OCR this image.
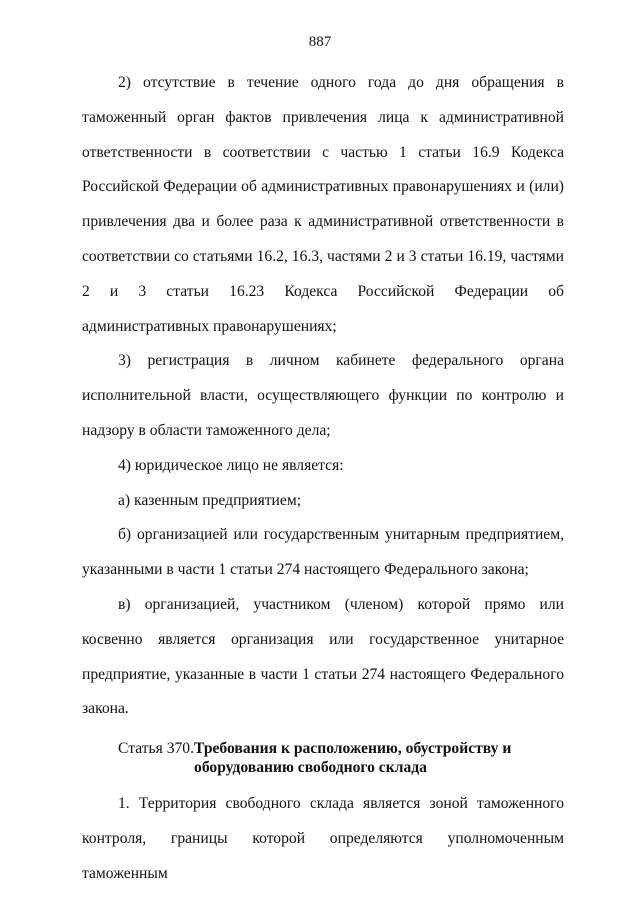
887

2) отсутствие в течение одного года до дня обращения в таможенный орган фактов привлечения лица к административной ответственности в соответствии с частью 1 статьи 16.9 Кодекса Российской Федерации об административных правонарушениях и (или) привлечения два и более раза к административной ответственности в соответствии со статьями 16.2, 16.3, частями 2 и 3 статьи 16.19, частями 2 и 3 статьи 16.23 Кодекса Российской Федерации об административных правонарушениях;

3) регистрация в личном кабинете федерального органа исполнительной власти, осуществляющего функции по контролю и надзору в области таможенного дела;

4) юридическое лицо не является:

а) казенным предприятием;

б) организацией или государственным унитарным предприятием, указанными в части 1 статьи 274 настоящего Федерального закона;

в) организацией, участником (членом) которой прямо или косвенно является организация или государственное унитарное предприятие, указанные в части 1 статьи 274 настоящего Федерального закона.

Статья 370. Требования к расположению, обустройству и оборудованию свободного склада

1. Территория свободного склада является зоной таможенного контроля, границы которой определяются уполномоченным таможенным
